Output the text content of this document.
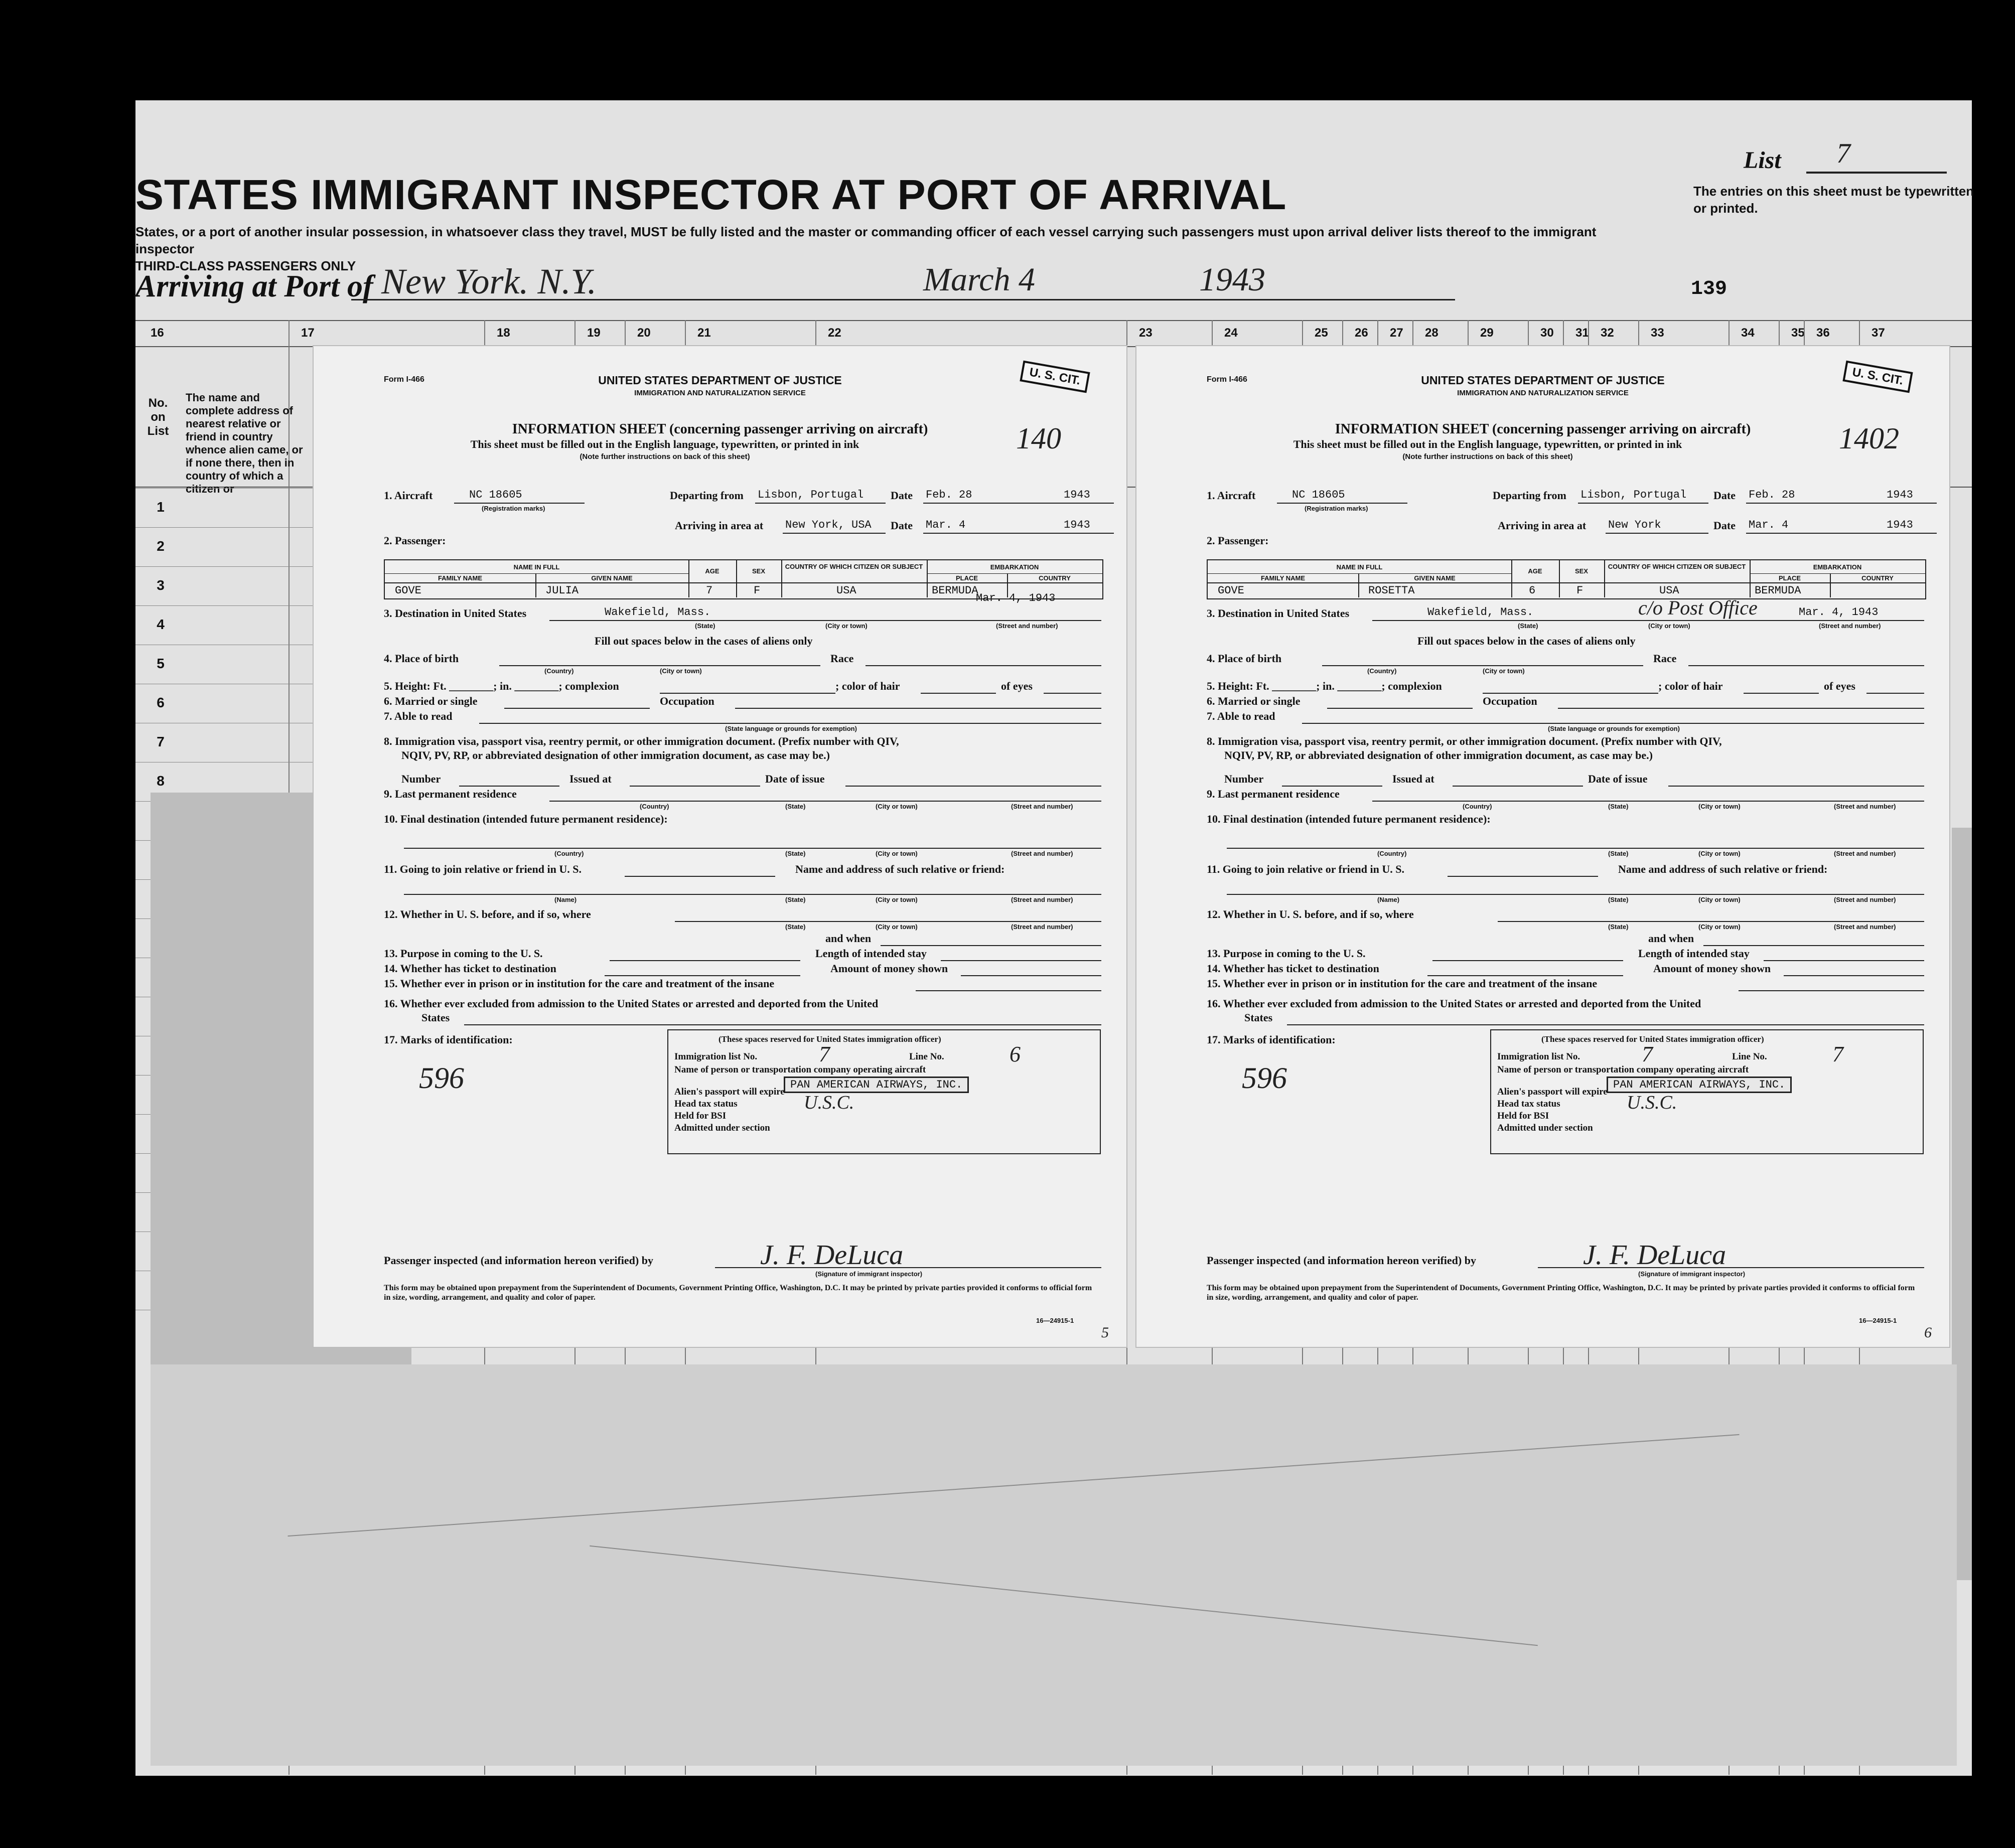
STATES IMMIGRANT INSPECTOR AT PORT OF ARRIVAL
States, or a port of another insular possession, in whatsoever class they travel, MUST be fully listed and the master or commanding officer of each vessel carrying such passengers must upon arrival deliver lists thereof to the immigrant inspector
THIRD-CLASS PASSENGERS ONLY
List 7
The entries on this sheet must be typewritten or printed.
Arriving at Port of New York. N.Y.	March 4	1943	139
16	17	18	19	20	21	22	23	24	25 26 27 28	29	30 31 32	33	34	35 36	37
No. on List
The name and complete address of nearest relative or friend in country whence alien came, or if none there, then in country of which a citizen or
1
2
3
4
5
6
7
8
Form I-466	UNITED STATES DEPARTMENT OF JUSTICE
IMMIGRATION AND NATURALIZATION SERVICE
U. S. CIT.
INFORMATION SHEET (concerning passenger arriving on aircraft)
This sheet must be filled out in the English language, typewritten, or printed in ink
(Note further instructions on back of this sheet)
140
1. Aircraft	NC 18605
(Registration marks)
Departing from Lisbon, Portugal Date Feb. 28	1943
Arriving in area at New York, USA Date Mar. 4	1943
2. Passenger:
NAME IN FULL
FAMILY NAME	GIVEN NAME
AGE	SEX
COUNTRY OF WHICH CITIZEN OR SUBJECT	EMBARKATION
PLACE	COUNTRY
GOVE	JULIA	7	F	USA	BERMUDA
3. Destination in United States	Wakefield, Mass.
Mar. 4, 1943
(State)	(City or town)	(Street and number)
Fill out spaces below in the cases of aliens only
4. Place of birth
(Country)	(City or town)
Race
5. Height: Ft. ________; in. ________; complexion	; color of hair	of eyes
6. Married or single	Occupation
7. Able to read
(State language or grounds for exemption)
8. Immigration visa, passport visa, reentry permit, or other immigration document. (Prefix number with QIV,
NQIV, PV, RP, or abbreviated designation of other immigration document, as case may be.)
Number	Issued at	Date of issue
9. Last permanent residence
(Country)	(State)	(City or town)	(Street and number)
10. Final destination (intended future permanent residence):
(Country)	(State)	(City or town)	(Street and number)
11. Going to join relative or friend in U. S.	Name and address of such relative or friend:
(Name)	(State)	(City or town)	(Street and number)
12. Whether in U. S. before, and if so, where
(State)	(City or town)	(Street and number)
and when
13. Purpose in coming to the U. S.	Length of intended stay
14. Whether has ticket to destination	Amount of money shown
15. Whether ever in prison or in institution for the care and treatment of the insane
16. Whether ever excluded from admission to the United States or arrested and deported from the United
States
17. Marks of identification:
596
(These spaces reserved for United States immigration officer)
Immigration list No.	7	Line No.	6
Name of person or transportation company operating aircraft
PAN AMERICAN AIRWAYS, INC.
Alien's passport will expire
Head tax status	U.S.C.
Held for BSI
Admitted under section
Passenger inspected (and information hereon verified) by	J. F. DeLuca
(Signature of immigrant inspector)
This form may be obtained upon prepayment from the Superintendent of Documents, Government Printing Office, Washington, D.C. It may be printed by private parties provided it conforms to official form in size, wording, arrangement, and quality and color of paper.
16—24915-1
5
Form I-466	UNITED STATES DEPARTMENT OF JUSTICE
IMMIGRATION AND NATURALIZATION SERVICE
U. S. CIT.
INFORMATION SHEET (concerning passenger arriving on aircraft)
This sheet must be filled out in the English language, typewritten, or printed in ink
(Note further instructions on back of this sheet)
1402
1. Aircraft	NC 18605
(Registration marks)
Departing from Lisbon, Portugal Date Feb. 28	1943
Arriving in area at New York	Date Mar. 4	1943
2. Passenger:
NAME IN FULL
FAMILY NAME	GIVEN NAME
AGE	SEX
COUNTRY OF WHICH CITIZEN OR SUBJECT	EMBARKATION
PLACE	COUNTRY
GOVE	ROSETTA	6	F	USA	BERMUDA
3. Destination in United States	Wakefield, Mass.	c/o Post Office	Mar. 4, 1943
(State)	(City or town)	(Street and number)
Fill out spaces below in the cases of aliens only
4. Place of birth
(Country)	(City or town)
Race
5. Height: Ft. ________; in. ________; complexion	; color of hair	of eyes
6. Married or single	Occupation
7. Able to read
(State language or grounds for exemption)
8. Immigration visa, passport visa, reentry permit, or other immigration document. (Prefix number with QIV,
NQIV, PV, RP, or abbreviated designation of other immigration document, as case may be.)
Number	Issued at	Date of issue
9. Last permanent residence
(Country)	(State)	(City or town)	(Street and number)
10. Final destination (intended future permanent residence):
(Country)	(State)	(City or town)	(Street and number)
11. Going to join relative or friend in U. S.	Name and address of such relative or friend:
(Name)	(State)	(City or town)	(Street and number)
12. Whether in U. S. before, and if so, where
(State)	(City or town)	(Street and number)
and when
13. Purpose in coming to the U. S.	Length of intended stay
14. Whether has ticket to destination	Amount of money shown
15. Whether ever in prison or in institution for the care and treatment of the insane
16. Whether ever excluded from admission to the United States or arrested and deported from the United
States
17. Marks of identification:
596
(These spaces reserved for United States immigration officer)
Immigration list No.	7	Line No.	7
Name of person or transportation company operating aircraft
PAN AMERICAN AIRWAYS, INC.
Alien's passport will expire
Head tax status	U.S.C.
Held for BSI
Admitted under section
Passenger inspected (and information hereon verified) by	J. F. DeLuca
(Signature of immigrant inspector)
This form may be obtained upon prepayment from the Superintendent of Documents, Government Printing Office, Washington, D.C. It may be printed by private parties provided it conforms to official form in size, wording, arrangement, and quality and color of paper.
16—24915-1
6
